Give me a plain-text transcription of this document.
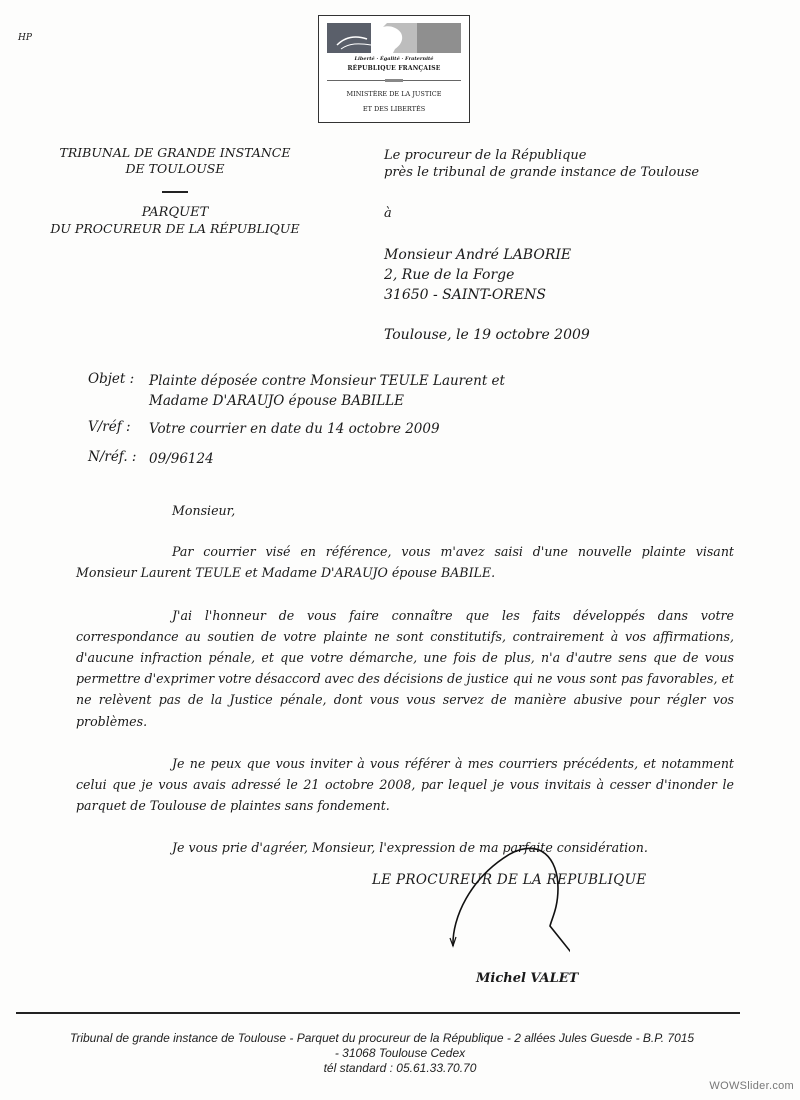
HP
Liberté · Égalité · Fraternité
RÉPUBLIQUE FRANÇAISE
MINISTÈRE DE LA JUSTICE
ET DES LIBERTÉS
TRIBUNAL DE GRANDE INSTANCE
DE TOULOUSE
PARQUET
DU PROCUREUR DE LA RÉPUBLIQUE
Le procureur de la République
près le tribunal de grande instance de Toulouse
à
Monsieur André LABORIE
2, Rue de la Forge
31650 - SAINT-ORENS
Toulouse, le 19 octobre 2009
Objet :	Plainte déposée contre Monsieur TEULE Laurent et Madame D'ARAUJO épouse BABILLE
V/réf :	Votre courrier en date du 14 octobre 2009
N/réf. : 09/96124

Monsieur,

Par courrier visé en référence, vous m'avez saisi d'une nouvelle plainte visant Monsieur Laurent TEULE et Madame D'ARAUJO épouse BABILE.

J'ai l'honneur de vous faire connaître que les faits développés dans votre correspondance au soutien de votre plainte ne sont constitutifs, contrairement à vos affirmations, d'aucune infraction pénale, et que votre démarche, une fois de plus, n'a d'autre sens que de vous permettre d'exprimer votre désaccord avec des décisions de justice qui ne vous sont pas favorables, et ne relèvent pas de la Justice pénale, dont vous vous servez de manière abusive pour régler vos problèmes.

Je ne peux que vous inviter à vous référer à mes courriers précédents, et notamment celui que je vous avais adressé le 21 octobre 2008, par lequel je vous invitais à cesser d'inonder le parquet de Toulouse de plaintes sans fondement.

Je vous prie d'agréer, Monsieur, l'expression de ma parfaite considération.

LE PROCUREUR DE LA REPUBLIQUE
Michel VALET
Tribunal de grande instance de Toulouse - Parquet du procureur de la République - 2 allées Jules Guesde - B.P. 7015
- 31068 Toulouse Cedex
tél standard : 05.61.33.70.70
WOWSlider.com
